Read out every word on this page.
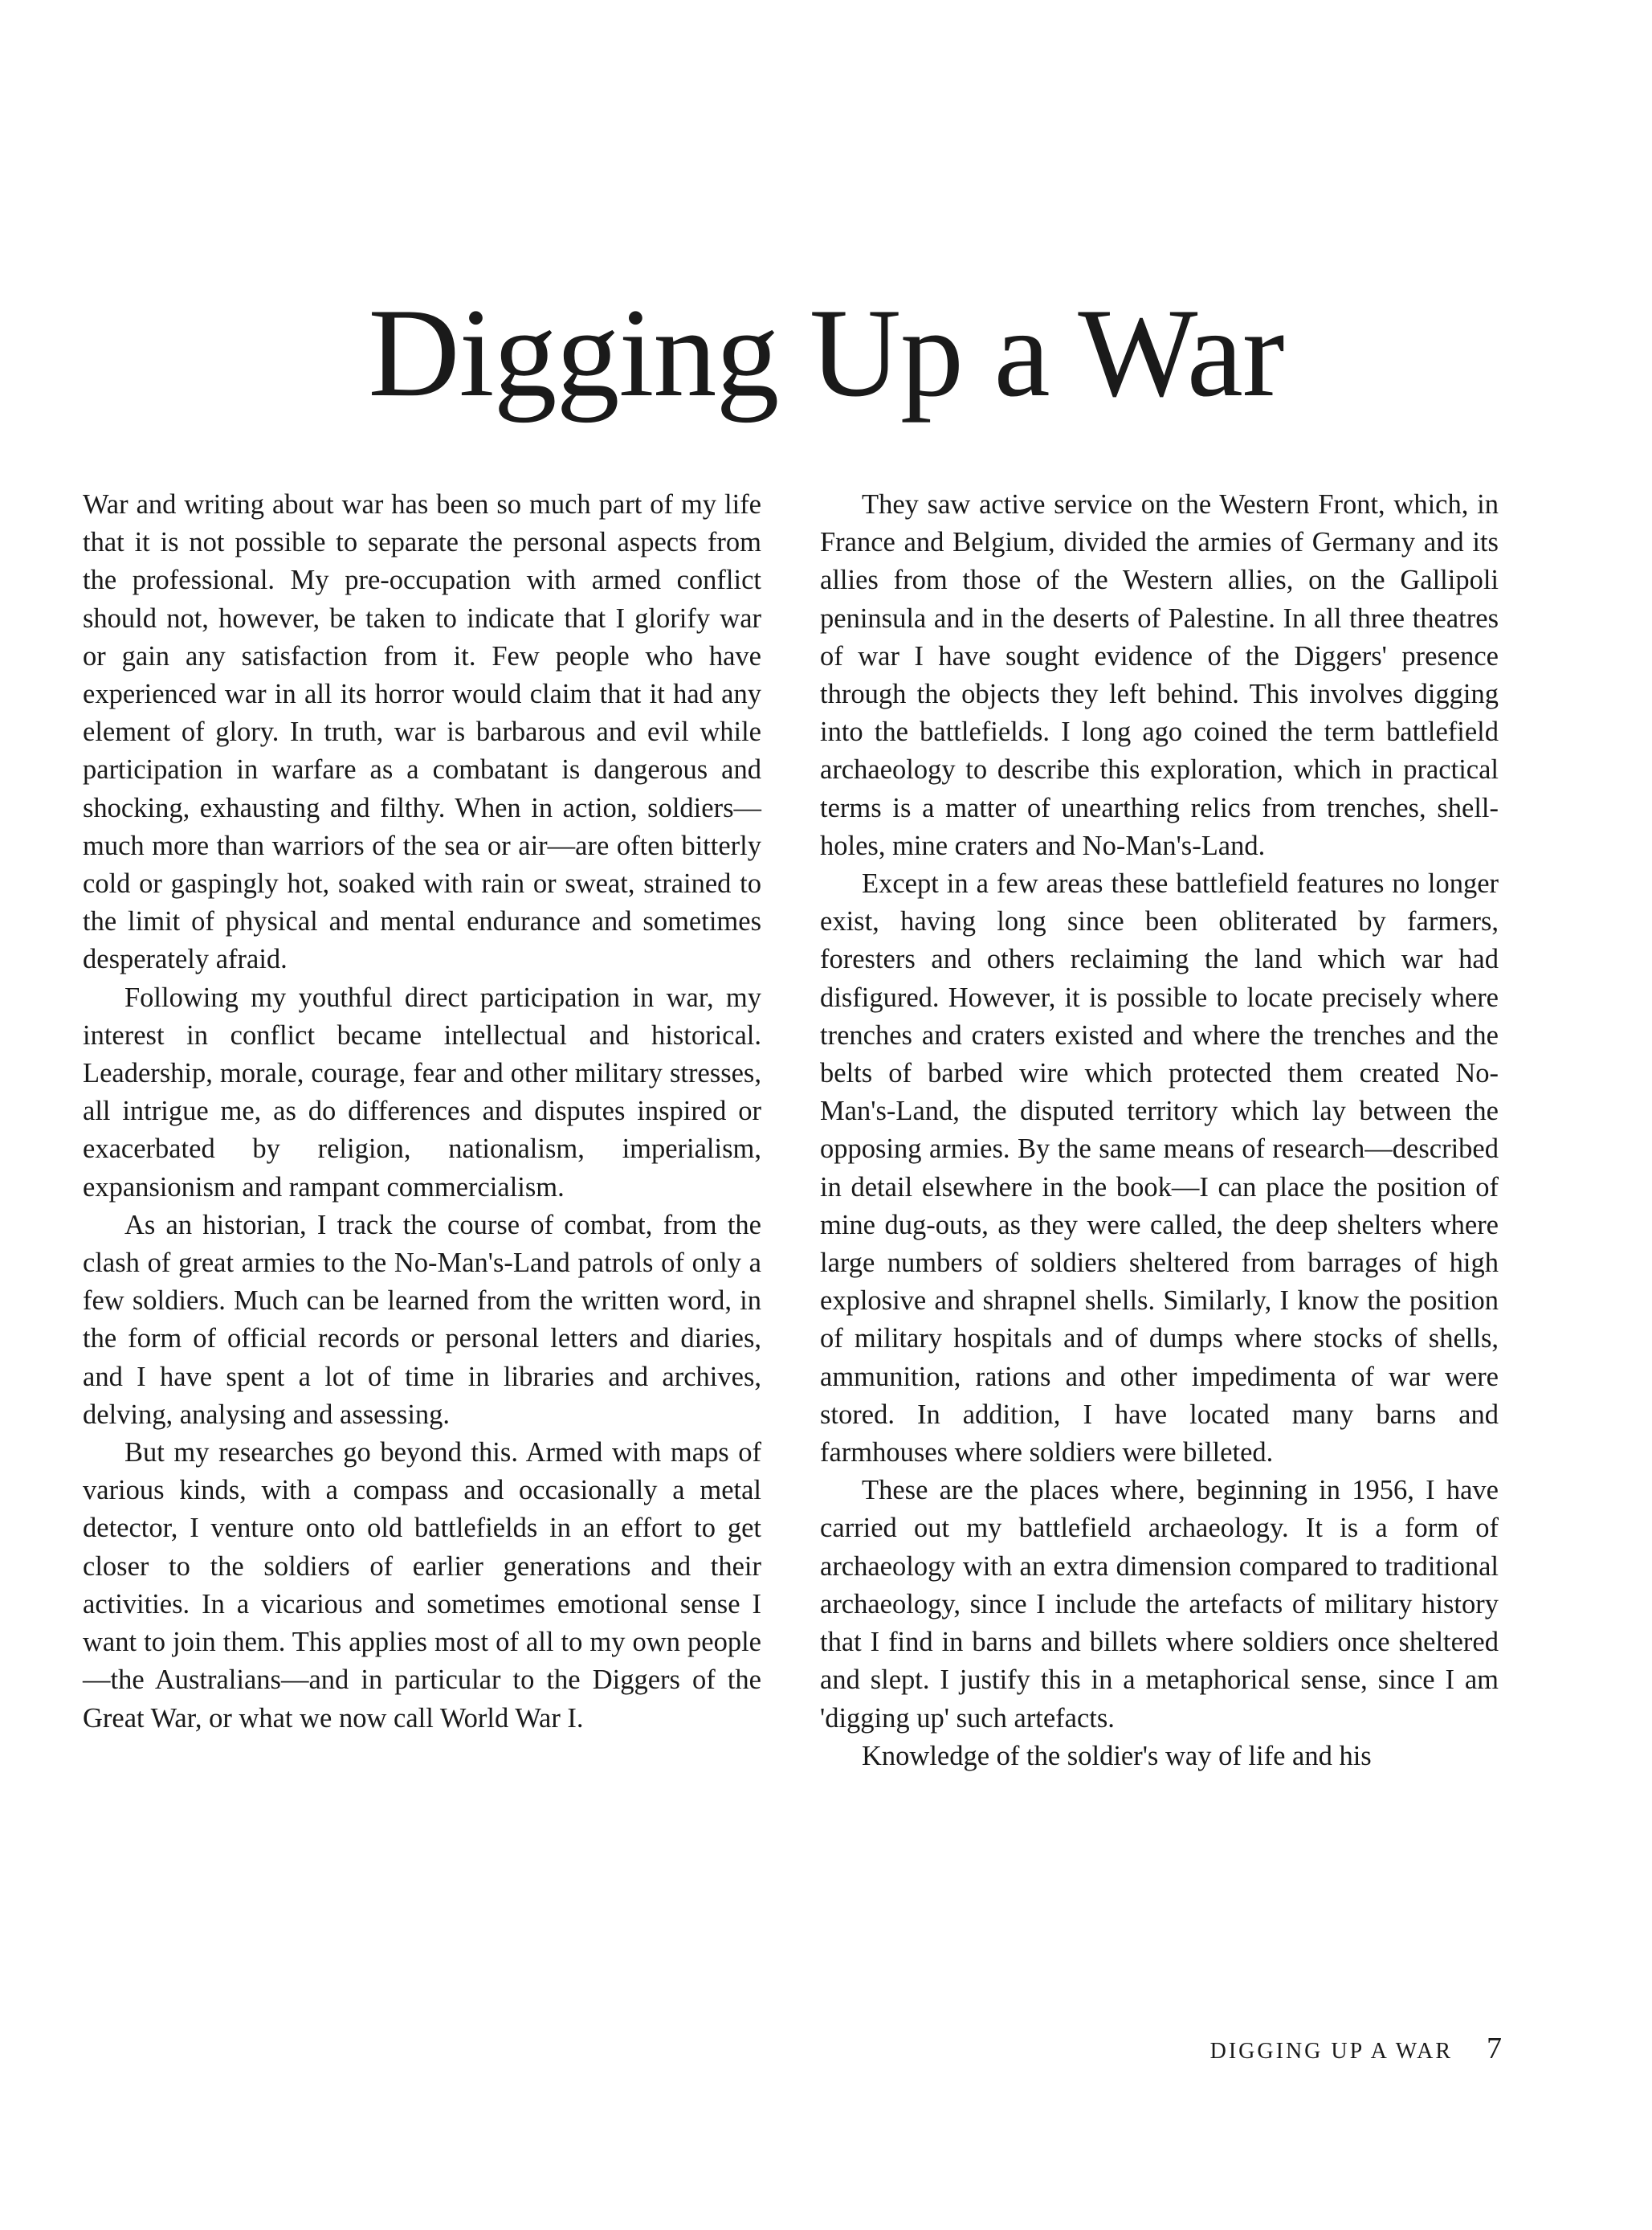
Digging Up a War

War and writing about war has been so much part of my life that it is not possible to separate the personal aspects from the professional. My pre-occupation with armed conflict should not, however, be taken to indicate that I glorify war or gain any satisfaction from it. Few people who have experienced war in all its horror would claim that it had any element of glory. In truth, war is barbarous and evil while participation in warfare as a combatant is dangerous and shocking, exhausting and filthy. When in action, soldiers—much more than warriors of the sea or air—are often bitterly cold or gaspingly hot, soaked with rain or sweat, strained to the limit of physical and mental endurance and sometimes desperately afraid.

Following my youthful direct participation in war, my interest in conflict became intellectual and historical. Leadership, morale, courage, fear and other military stresses, all intrigue me, as do differences and disputes inspired or exacerbated by religion, nationalism, imperialism, expansionism and rampant commercialism.

As an historian, I track the course of combat, from the clash of great armies to the No-Man's-Land patrols of only a few soldiers. Much can be learned from the written word, in the form of official records or personal letters and diaries, and I have spent a lot of time in libraries and archives, delving, analysing and assessing.

But my researches go beyond this. Armed with maps of various kinds, with a compass and occasionally a metal detector, I venture onto old battlefields in an effort to get closer to the soldiers of earlier generations and their activities. In a vicarious and sometimes emotional sense I want to join them. This applies most of all to my own people—the Australians—and in particular to the Diggers of the Great War, or what we now call World War I.

They saw active service on the Western Front, which, in France and Belgium, divided the armies of Germany and its allies from those of the Western allies, on the Gallipoli peninsula and in the deserts of Palestine. In all three theatres of war I have sought evidence of the Diggers' presence through the objects they left behind. This involves digging into the battlefields. I long ago coined the term battlefield archaeology to describe this exploration, which in practical terms is a matter of unearthing relics from trenches, shell-holes, mine craters and No-Man's-Land.

Except in a few areas these battlefield features no longer exist, having long since been obliterated by farmers, foresters and others reclaiming the land which war had disfigured. However, it is possible to locate precisely where trenches and craters existed and where the trenches and the belts of barbed wire which protected them created No-Man's-Land, the disputed territory which lay between the opposing armies. By the same means of research—described in detail elsewhere in the book—I can place the position of mine dug-outs, as they were called, the deep shelters where large numbers of soldiers sheltered from barrages of high explosive and shrapnel shells. Similarly, I know the position of military hospitals and of dumps where stocks of shells, ammunition, rations and other impedimenta of war were stored. In addition, I have located many barns and farmhouses where soldiers were billeted.

These are the places where, beginning in 1956, I have carried out my battlefield archaeology. It is a form of archaeology with an extra dimension compared to traditional archaeology, since I include the artefacts of military history that I find in barns and billets where soldiers once sheltered and slept. I justify this in a metaphorical sense, since I am 'digging up' such artefacts.

Knowledge of the soldier's way of life and his

DIGGING UP A WAR 7
